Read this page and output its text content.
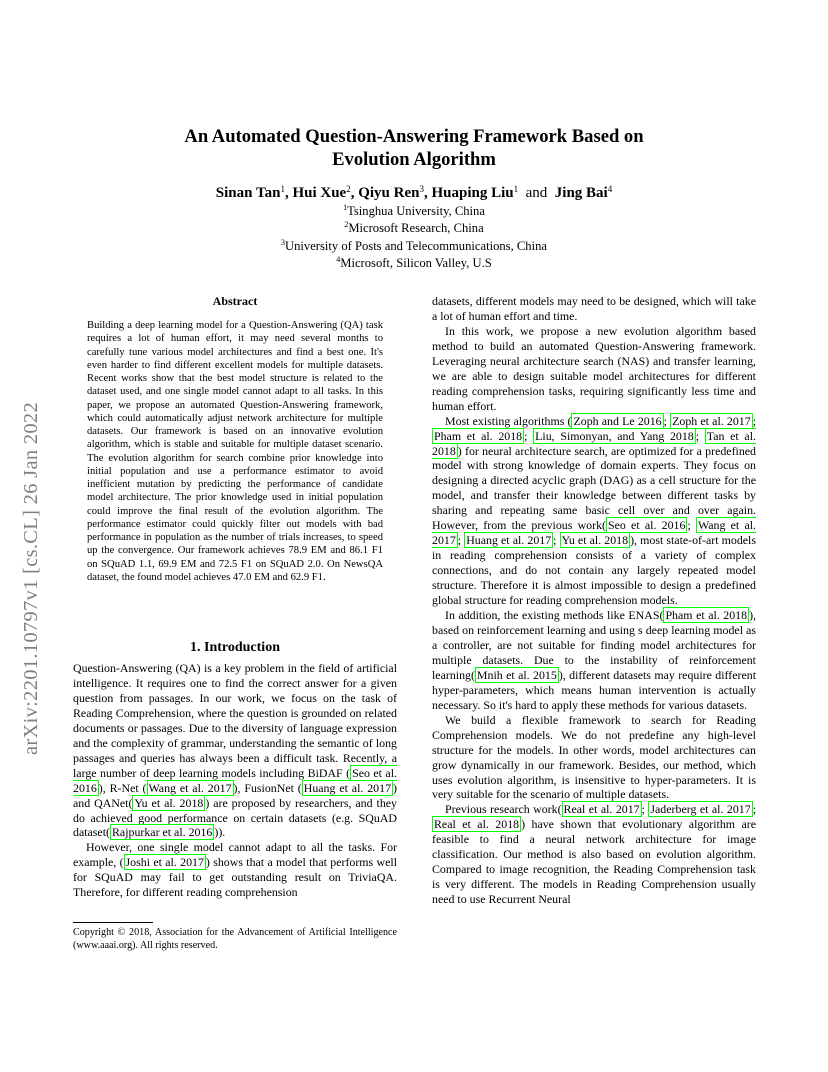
arXiv:2201.10797v1 [cs.CL] 26 Jan 2022
An Automated Question-Answering Framework Based on
Evolution Algorithm
Sinan Tan$^1$, Hui Xue$^2$, Qiyu Ren$^3$, Huaping Liu$^1$ and Jing Bai$^4$
$^1$Tsinghua University, China
$^2$Microsoft Research, China
$^3$University of Posts and Telecommunications, China
$^4$Microsoft, Silicon Valley, U.S
Abstract
Building a deep learning model for a Question-Answering (QA) task requires a lot of human effort, it may need several months to carefully tune various model architectures and find a best one. It's even harder to find different excellent models for multiple datasets. Recent works show that the best model structure is related to the dataset used, and one single model cannot adapt to all tasks. In this paper, we propose an automated Question-Answering framework, which could automatically adjust network architecture for multiple datasets. Our framework is based on an innovative evolution algorithm, which is stable and suitable for multiple dataset scenario. The evolution algorithm for search combine prior knowledge into initial population and use a performance estimator to avoid inefficient mutation by predicting the performance of candidate model architecture. The prior knowledge used in initial population could improve the final result of the evolution algorithm. The performance estimator could quickly filter out models with bad performance in population as the number of trials increases, to speed up the convergence. Our framework achieves 78.9 EM and 86.1 F1 on SQuAD 1.1, 69.9 EM and 72.5 F1 on SQuAD 2.0. On NewsQA dataset, the found model achieves 47.0 EM and 62.9 F1.
1. Introduction

Question-Answering (QA) is a key problem in the field of artificial intelligence. It requires one to find the correct answer for a given question from passages. In our work, we focus on the task of Reading Comprehension, where the question is grounded on related documents or passages. Due to the diversity of language expression and the complexity of grammar, understanding the semantic of long passages and queries has always been a difficult task. Recently, a large number of deep learning models including BiDAF ( Seo et al. 2016 ), R-Net ( Wang et al. 2017 ), FusionNet ( Huang et al. 2017 ) and QANet( Yu et al. 2018 ) are proposed by researchers, and they do achieved good performance on certain datasets (e.g. SQuAD dataset( Rajpurkar et al. 2016 )).

However, one single model cannot adapt to all the tasks. For example, ( Joshi et al. 2017 ) shows that a model that performs well for SQuAD may fail to get outstanding result on TriviaQA. Therefore, for different reading comprehension

Copyright © 2018, Association for the Advancement of Artificial Intelligence (www.aaai.org). All rights reserved.

datasets, different models may need to be designed, which will take a lot of human effort and time.

In this work, we propose a new evolution algorithm based method to build an automated Question-Answering framework. Leveraging neural architecture search (NAS) and transfer learning, we are able to design suitable model architectures for different reading comprehension tasks, requiring significantly less time and human effort.

Most existing algorithms ( Zoph and Le 2016 ; Zoph et al. 2017 ; Pham et al. 2018 ; Liu, Simonyan, and Yang 2018 ; Tan et al. 2018 ) for neural architecture search, are optimized for a predefined model with strong knowledge of domain experts. They focus on designing a directed acyclic graph (DAG) as a cell structure for the model, and transfer their knowledge between different tasks by sharing and repeating same basic cell over and over again. However, from the previous work( Seo et al. 2016 ; Wang et al. 2017 ; Huang et al. 2017 ; Yu et al. 2018 ), most state-of-art models in reading comprehension consists of a variety of complex connections, and do not contain any largely repeated model structure. Therefore it is almost impossible to design a predefined global structure for reading comprehension models.

In addition, the existing methods like ENAS( Pham et al. 2018 ), based on reinforcement learning and using s deep learning model as a controller, are not suitable for finding model architectures for multiple datasets. Due to the instability of reinforcement learning( Mnih et al. 2015 ), different datasets may require different hyper-parameters, which means human intervention is actually necessary. So it's hard to apply these methods for various datasets.

We build a flexible framework to search for Reading Comprehension models. We do not predefine any high-level structure for the models. In other words, model architectures can grow dynamically in our framework. Besides, our method, which uses evolution algorithm, is insensitive to hyper-parameters. It is very suitable for the scenario of multiple datasets.

Previous research work( Real et al. 2017 ; Jaderberg et al. 2017 ; Real et al. 2018 ) have shown that evolutionary algorithm are feasible to find a neural network architecture for image classification. Our method is also based on evolution algorithm. Compared to image recognition, the Reading Comprehension task is very different. The models in Reading Comprehension usually need to use Recurrent Neural
